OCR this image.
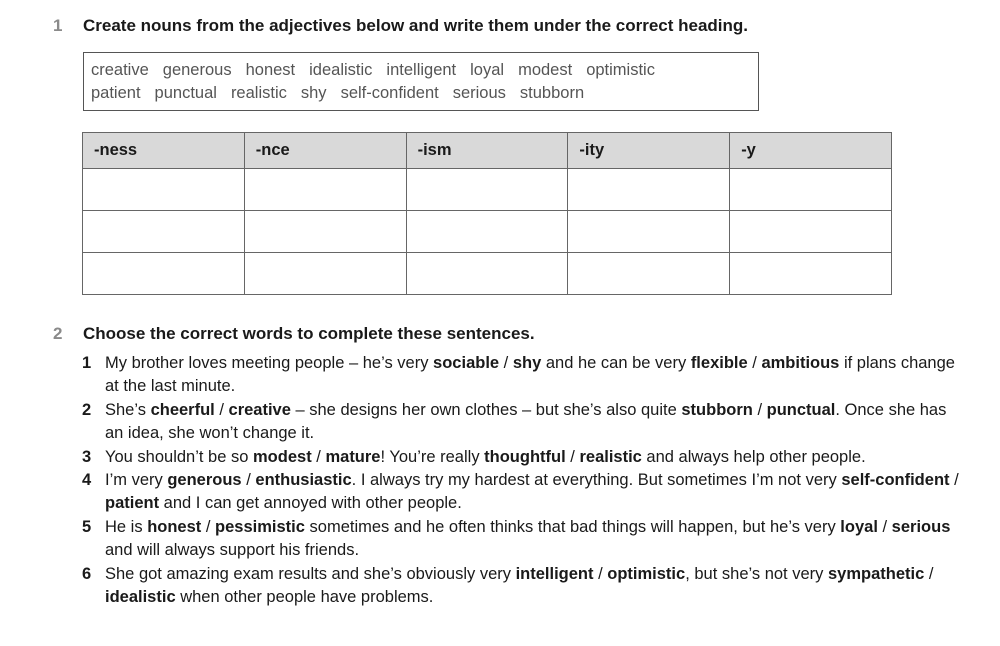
1 Create nouns from the adjectives below and write them under the correct heading.
creative generous honest idealistic intelligent loyal modest optimistic
patient punctual realistic shy self-confident serious stubborn
-ness	-nce	-ism	-ity	-y

2 Choose the correct words to complete these sentences.
1 My brother loves meeting people – he’s very sociable / shy and he can be very flexible / ambitious if plans change at the last minute.
2 She’s cheerful / creative – she designs her own clothes – but she’s also quite stubborn / punctual. Once she has an idea, she won’t change it.
3 You shouldn’t be so modest / mature! You’re really thoughtful / realistic and always help other people.
4 I’m very generous / enthusiastic. I always try my hardest at everything. But sometimes I’m not very self-confident / patient and I can get annoyed with other people.
5 He is honest / pessimistic sometimes and he often thinks that bad things will happen, but he’s very loyal / serious and will always support his friends.
6 She got amazing exam results and she’s obviously very intelligent / optimistic, but she’s not very sympathetic / idealistic when other people have problems.
